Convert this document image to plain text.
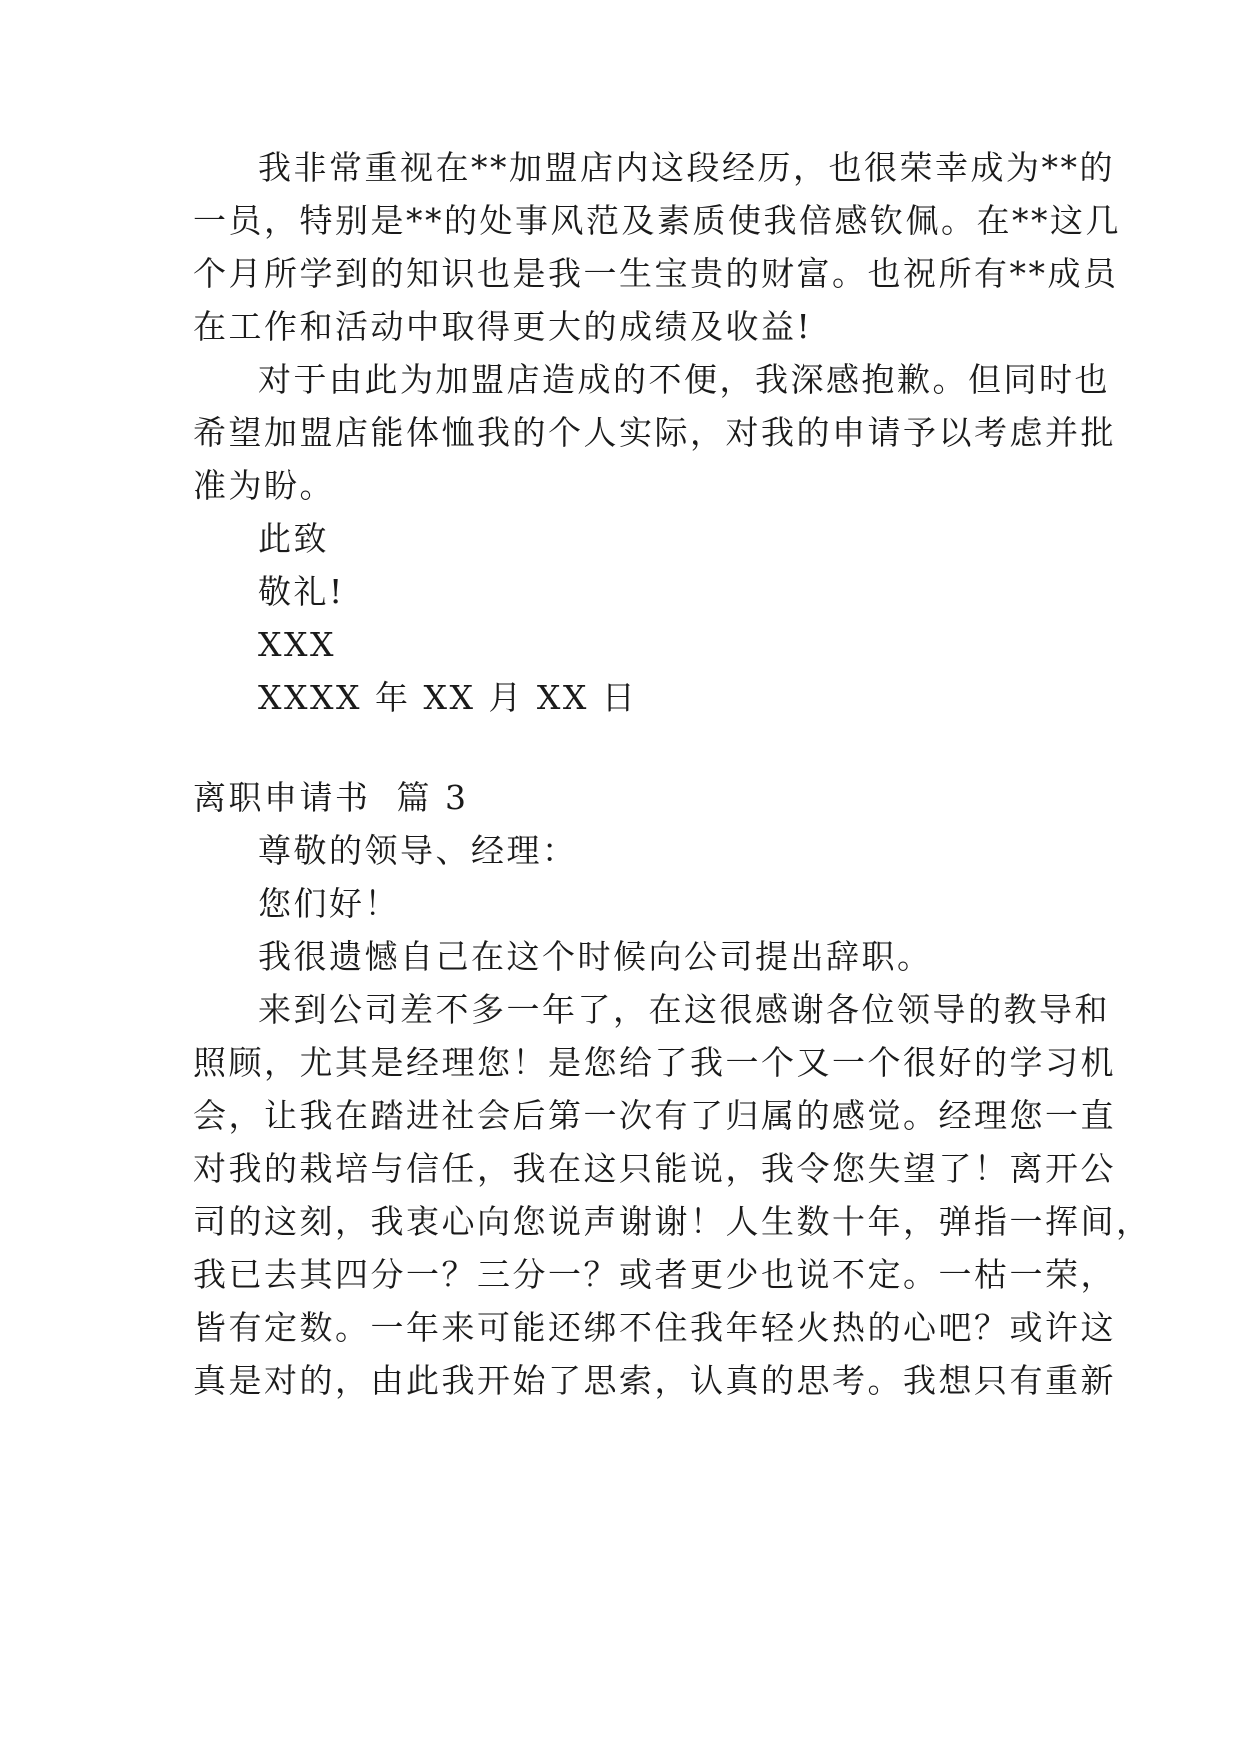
我非常重视在**加盟店内这段经历，也很荣幸成为**的
一员，特别是**的处事风范及素质使我倍感钦佩。在**这几
个月所学到的知识也是我一生宝贵的财富。也祝所有**成员
在工作和活动中取得更大的成绩及收益!
对于由此为加盟店造成的不便，我深感抱歉。但同时也
希望加盟店能体恤我的个人实际，对我的申请予以考虑并批
准为盼。
此致
敬礼!
XXX
XXXX 年 XX 月 XX 日
离职申请书  篇 3
尊敬的领导、经理：
您们好！
我很遗憾自己在这个时候向公司提出辞职。
来到公司差不多一年了，在这很感谢各位领导的教导和
照顾，尤其是经理您！是您给了我一个又一个很好的学习机
会，让我在踏进社会后第一次有了归属的感觉。经理您一直
对我的栽培与信任，我在这只能说，我令您失望了！离开公
司的这刻，我衷心向您说声谢谢！人生数十年，弹指一挥间，
我已去其四分一？三分一？或者更少也说不定。一枯一荣，
皆有定数。一年来可能还绑不住我年轻火热的心吧？或许这
真是对的，由此我开始了思索，认真的思考。我想只有重新
